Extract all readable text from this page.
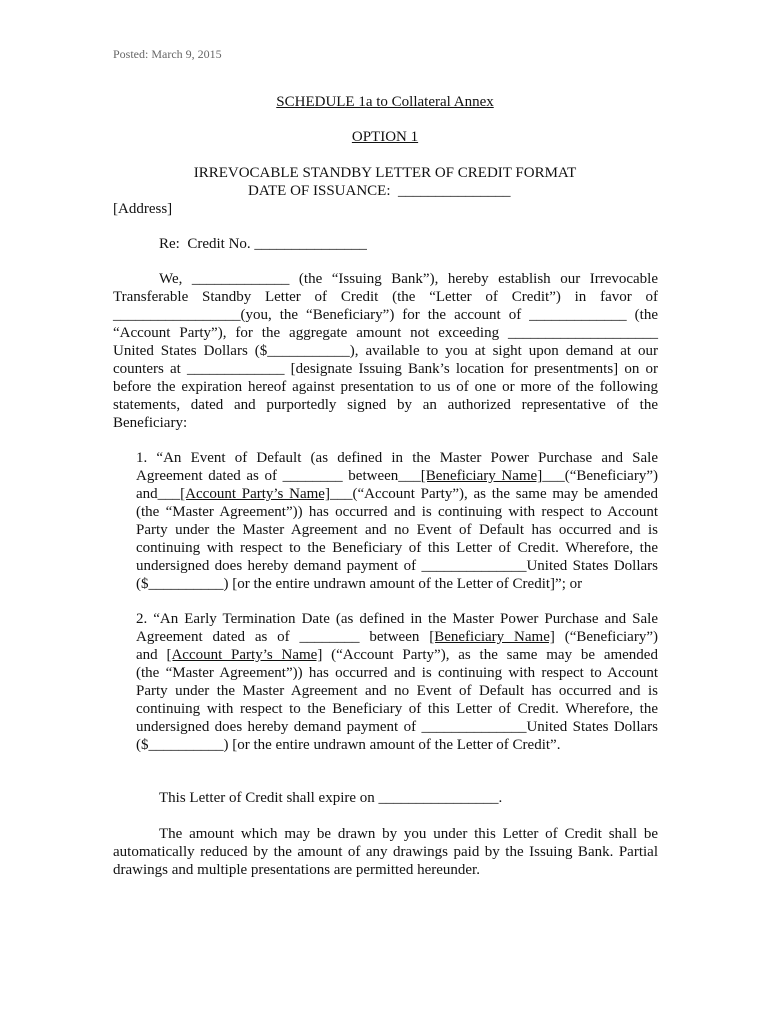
Posted: March 9, 2015
SCHEDULE 1a to Collateral Annex
OPTION 1
IRREVOCABLE STANDBY LETTER OF CREDIT FORMAT
DATE OF ISSUANCE:  _______________
[Address]
Re:  Credit No. _______________
We, _____________ (the “Issuing Bank”), hereby establish our Irrevocable
Transferable Standby Letter of Credit (the “Letter of Credit”) in favor of
_________________(you, the “Beneficiary”) for the account of _____________ (the
“Account Party”), for the aggregate amount not exceeding ____________________
United States Dollars ($___________), available to you at sight upon demand at our
counters at _____________ [designate Issuing Bank’s location for presentments] on or
before the expiration hereof against presentation to us of one or more of the following
statements, dated and purportedly signed by an authorized representative of the
Beneficiary:
1. “An Event of Default (as defined in the Master Power Purchase and Sale
Agreement dated as of ________ between___[Beneficiary Name]___(“Beneficiary”)
and___[Account Party’s Name]___(“Account Party”), as the same may be amended
(the “Master Agreement”)) has occurred and is continuing with respect to Account
Party under the Master Agreement and no Event of Default has occurred and is
continuing with respect to the Beneficiary of this Letter of Credit. Wherefore, the
undersigned does hereby demand payment of ______________United States Dollars
($__________) [or the entire undrawn amount of the Letter of Credit]”; or
2. “An Early Termination Date (as defined in the Master Power Purchase and Sale
Agreement dated as of ________ between [Beneficiary Name] (“Beneficiary”)
and [Account Party’s Name] (“Account Party”), as the same may be amended
(the “Master Agreement”)) has occurred and is continuing with respect to Account
Party under the Master Agreement and no Event of Default has occurred and is
continuing with respect to the Beneficiary of this Letter of Credit. Wherefore, the
undersigned does hereby demand payment of ______________United States Dollars
($__________) [or the entire undrawn amount of the Letter of Credit”.
This Letter of Credit shall expire on ________________.
The amount which may be drawn by you under this Letter of Credit shall be
automatically reduced by the amount of any drawings paid by the Issuing Bank. Partial
drawings and multiple presentations are permitted hereunder.
